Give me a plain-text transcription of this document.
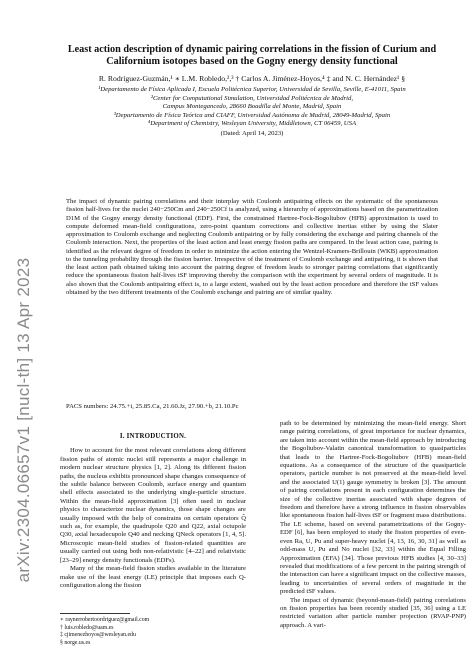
arXiv:2304.06657v1 [nucl-th] 13 Apr 2023
Least action description of dynamic pairing correlations in the fission of Curium and Californium isotopes based on the Gogny energy density functional
R. Rodríguez-Guzmán,¹ ∗ L.M. Robledo,²,³ † Carlos A. Jiménez-Hoyos,⁴ ‡ and N. C. Hernández¹ §
¹Departamento de Física Aplicada I, Escuela Politécnica Superior, Universidad de Sevilla, Seville, E-41011, Spain
²Center for Computational Simulation, Universidad Politécnica de Madrid,
Campus Montegancedo, 28660 Boadilla del Monte, Madrid, Spain
³Departamento de Física Teórica and CIAFF, Universidad Autónoma de Madrid, 28049-Madrid, Spain
⁴Department of Chemistry, Wesleyan University, Middletown, CT 06459, USA
(Dated: April 14, 2023)
The impact of dynamic pairing correlations and their interplay with Coulomb antipairing effects on the systematic of the spontaneous fission half-lives for the nuclei 240−250Cm and 240−250Cf is analyzed, using a hierarchy of approximations based on the parametrization D1M of the Gogny energy density functional (EDF). First, the constrained Hartree-Fock-Bogoliubov (HFB) approximation is used to compute deformed mean-field configurations, zero-point quantum corrections and collective inertias either by using the Slater approximation to Coulomb exchange and neglecting Coulomb antipairing or by fully considering the exchange and pairing channels of the Coulomb interaction. Next, the properties of the least action and least energy fission paths are compared. In the least action case, pairing is identified as the relevant degree of freedom in order to minimize the action entering the Wentzel-Kramers-Brillouin (WKB) approximation to the tunneling probability through the fission barrier. Irrespective of the treatment of Coulomb exchange and antipairing, it is shown that the least action path obtained taking into account the pairing degree of freedom leads to stronger pairing correlations that significantly reduce the spontaneous fission half-lives tSF improving thereby the comparison with the experiment by several orders of magnitude. It is also shown that the Coulomb antipairing effect is, to a large extent, washed out by the least action procedure and therefore the tSF values obtained by the two different treatments of the Coulomb exchange and pairing are of similar quality.
PACS numbers: 24.75.+i, 25.85.Ca, 21.60.Jz, 27.90.+b, 21.10.Pc
I. INTRODUCTION.

How to account for the most relevant correlations along different fission paths of atomic nuclei still represents a major challenge in modern nuclear structure physics [1, 2]. Along its different fission paths, the nucleus exhibits pronounced shape changes consequence of the subtle balance between Coulomb, surface energy and quantum shell effects associated to the underlying single-particle structure. Within the mean-field approximation [3] often used in nuclear physics to characterize nuclear dynamics, those shape changes are usually imposed with the help of constrains on certain operators Q̂ such as, for example, the quadrupole Q20 and Q22, axial octupole Q30, axial hexadecupole Q40 and necking QNeck operators [1, 4, 5]. Microscopic mean-field studies of fission-related quantities are usually carried out using both non-relativistic [4–22] and relativistic [23–29] energy density functionals (EDFs).

Many of the mean-field fission studies available in the literature make use of the least energy (LE) principle that imposes each Q-configuration along the fission

path to be determined by minimizing the mean-field energy. Short range pairing correlations, of great importance for nuclear dynamics, are taken into account within the mean-field approach by introducing the Bogoliubov-Valatin canonical transformation to quasiparticles that leads to the Hartree-Fock-Bogoliubov (HFB) mean-field equations. As a consequence of the structure of the quasiparticle operators, particle number is not preserved at the mean-field level and the associated U(1) gauge symmetry is broken [3]. The amount of pairing correlations present in each configuration determines the size of the collective inertias associated with shape degrees of freedom and therefore have a strong influence in fission observables like spontaneous fission half-lives tSF or fragment mass distributions. The LE scheme, based on several parametrizations of the Gogny-EDF [6], has been employed to study the fission properties of even-even Ra, U, Pu and super-heavy nuclei [4, 13, 16, 30, 31] as well as odd-mass U, Pu and No nuclei [32, 33] within the Equal Filling Approximation (EFA) [34]. Those previous HFB studies [4, 30–33] revealed that modifications of a few percent in the pairing strength of the interaction can have a significant impact on the collective masses, leading to uncertainties of several orders of magnitude in the predicted tSF values.

The impact of dynamic (beyond-mean-field) pairing correlations on fission properties has been recently studied [35, 36] using a LE restricted variation after particle number projection (RVAP-PNP) approach. A vari-

∗ raynerrobertoordriguez@gmail.com
† luis.robledo@uam.es
‡ cjimenezhoyos@wesleyan.edu
§ norge.us.es
